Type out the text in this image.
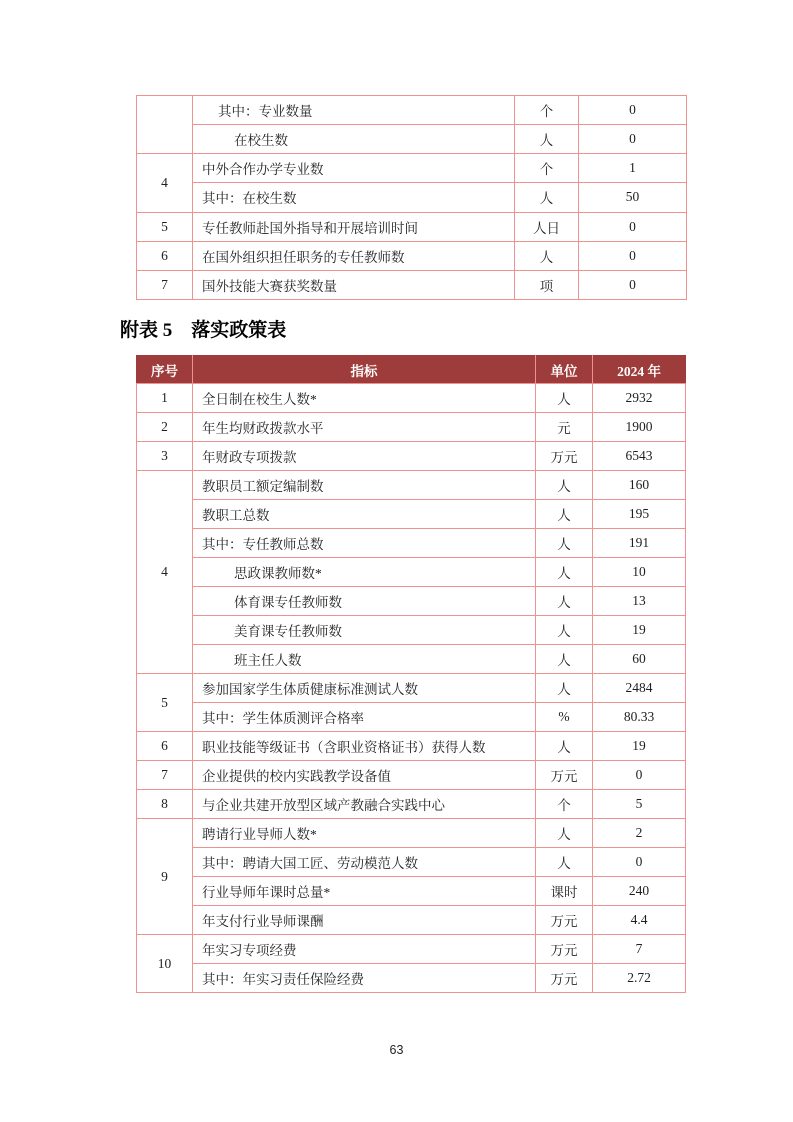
	其中：专业数量	个	0
	在校生数	人	0
4	中外合作办学专业数	个	1
	其中：在校生数	人	50
5	专任教师赴国外指导和开展培训时间	人日	0
6	在国外组织担任职务的专任教师数	人	0
7	国外技能大赛获奖数量	项	0
附表 5　落实政策表
序号	指标	单位	2024 年
1	全日制在校生人数*	人	2932
2	年生均财政拨款水平	元	1900
3	年财政专项拨款	万元	6543
4	教职员工额定编制数	人	160
	教职工总数	人	195
	其中：专任教师总数	人	191
	思政课教师数*	人	10
	体育课专任教师数	人	13
	美育课专任教师数	人	19
	班主任人数	人	60
5	参加国家学生体质健康标准测试人数	人	2484
	其中：学生体质测评合格率	%	80.33
6	职业技能等级证书（含职业资格证书）获得人数	人	19
7	企业提供的校内实践教学设备值	万元	0
8	与企业共建开放型区域产教融合实践中心	个	5
9	聘请行业导师人数*	人	2
	其中：聘请大国工匠、劳动模范人数	人	0
	行业导师年课时总量*	课时	240
	年支付行业导师课酬	万元	4.4
10	年实习专项经费	万元	7
	其中：年实习责任保险经费	万元	2.72
63
